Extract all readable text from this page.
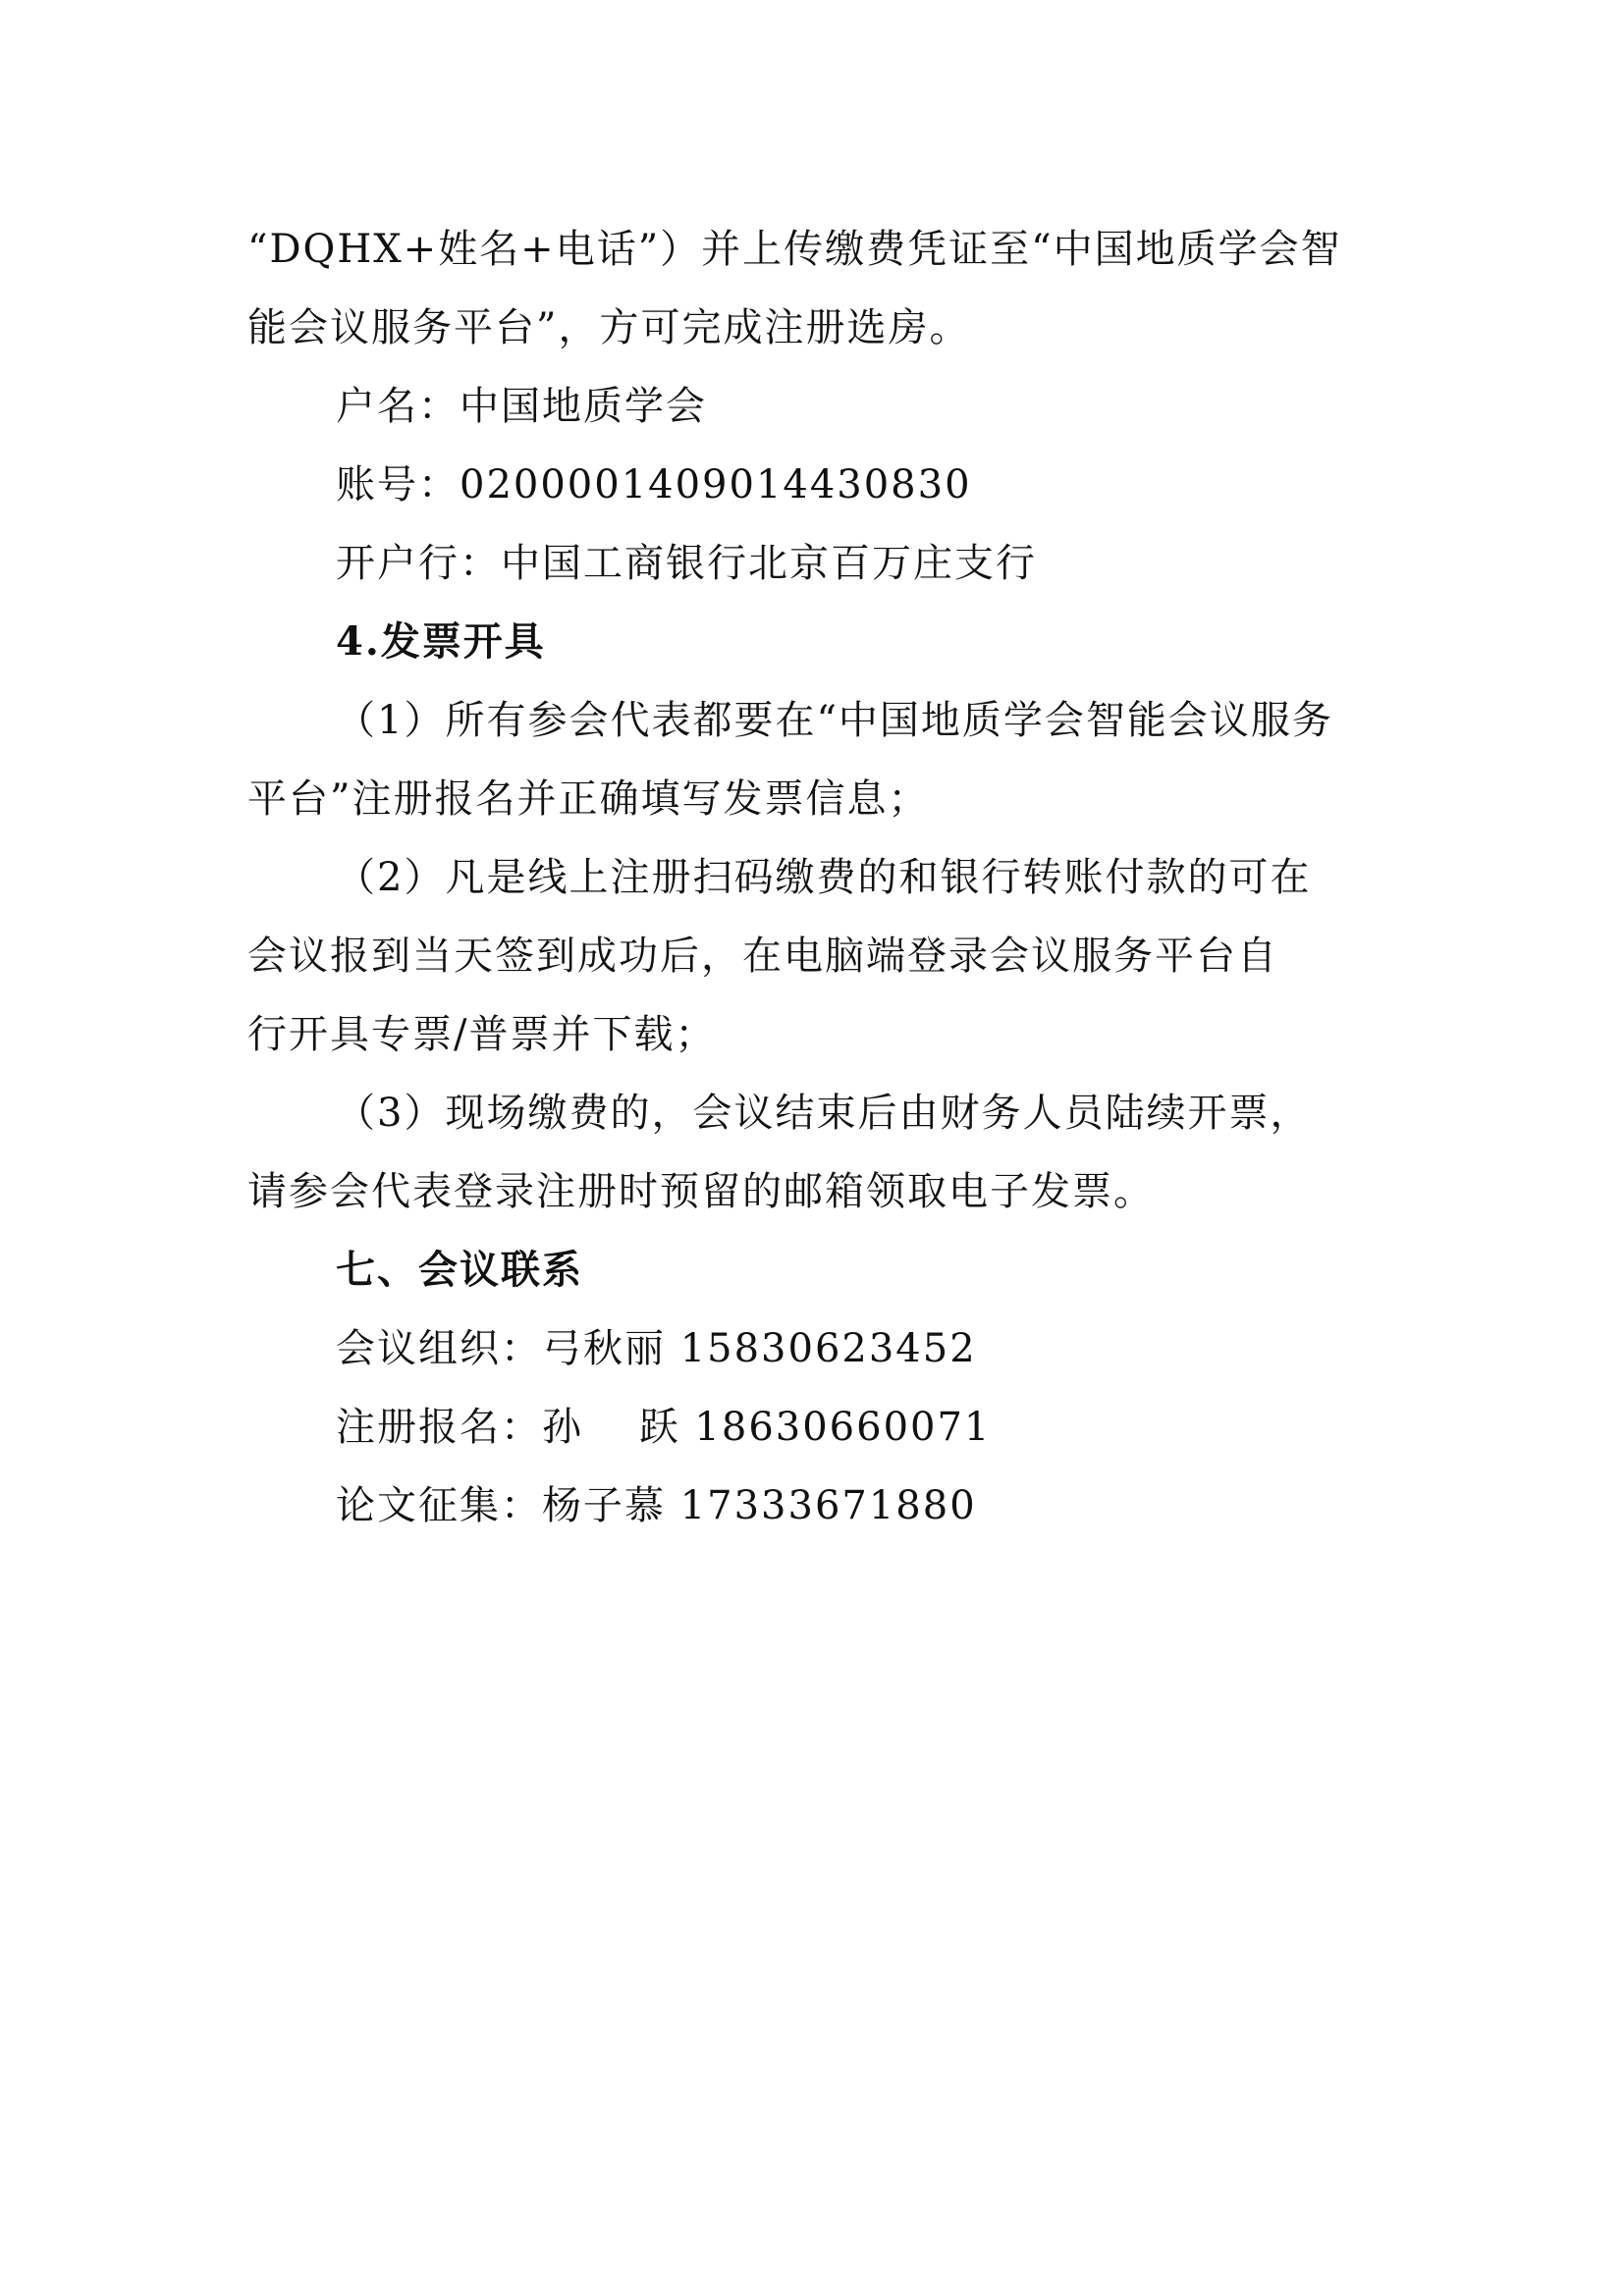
“DQHX+姓名+电话”）并上传缴费凭证至“中国地质学会智
能会议服务平台”，方可完成注册选房。
户名：中国地质学会
账号：0200001409014430830
开户行：中国工商银行北京百万庄支行
4.发票开具
（1）所有参会代表都要在“中国地质学会智能会议服务
平台”注册报名并正确填写发票信息；
（2）凡是线上注册扫码缴费的和银行转账付款的可在
会议报到当天签到成功后，在电脑端登录会议服务平台自
行开具专票/普票并下载；
（3）现场缴费的，会议结束后由财务人员陆续开票，
请参会代表登录注册时预留的邮箱领取电子发票。
七、会议联系
会议组织：弓秋丽 15830623452
注册报名：孙　 跃 18630660071
论文征集：杨子慕 17333671880
